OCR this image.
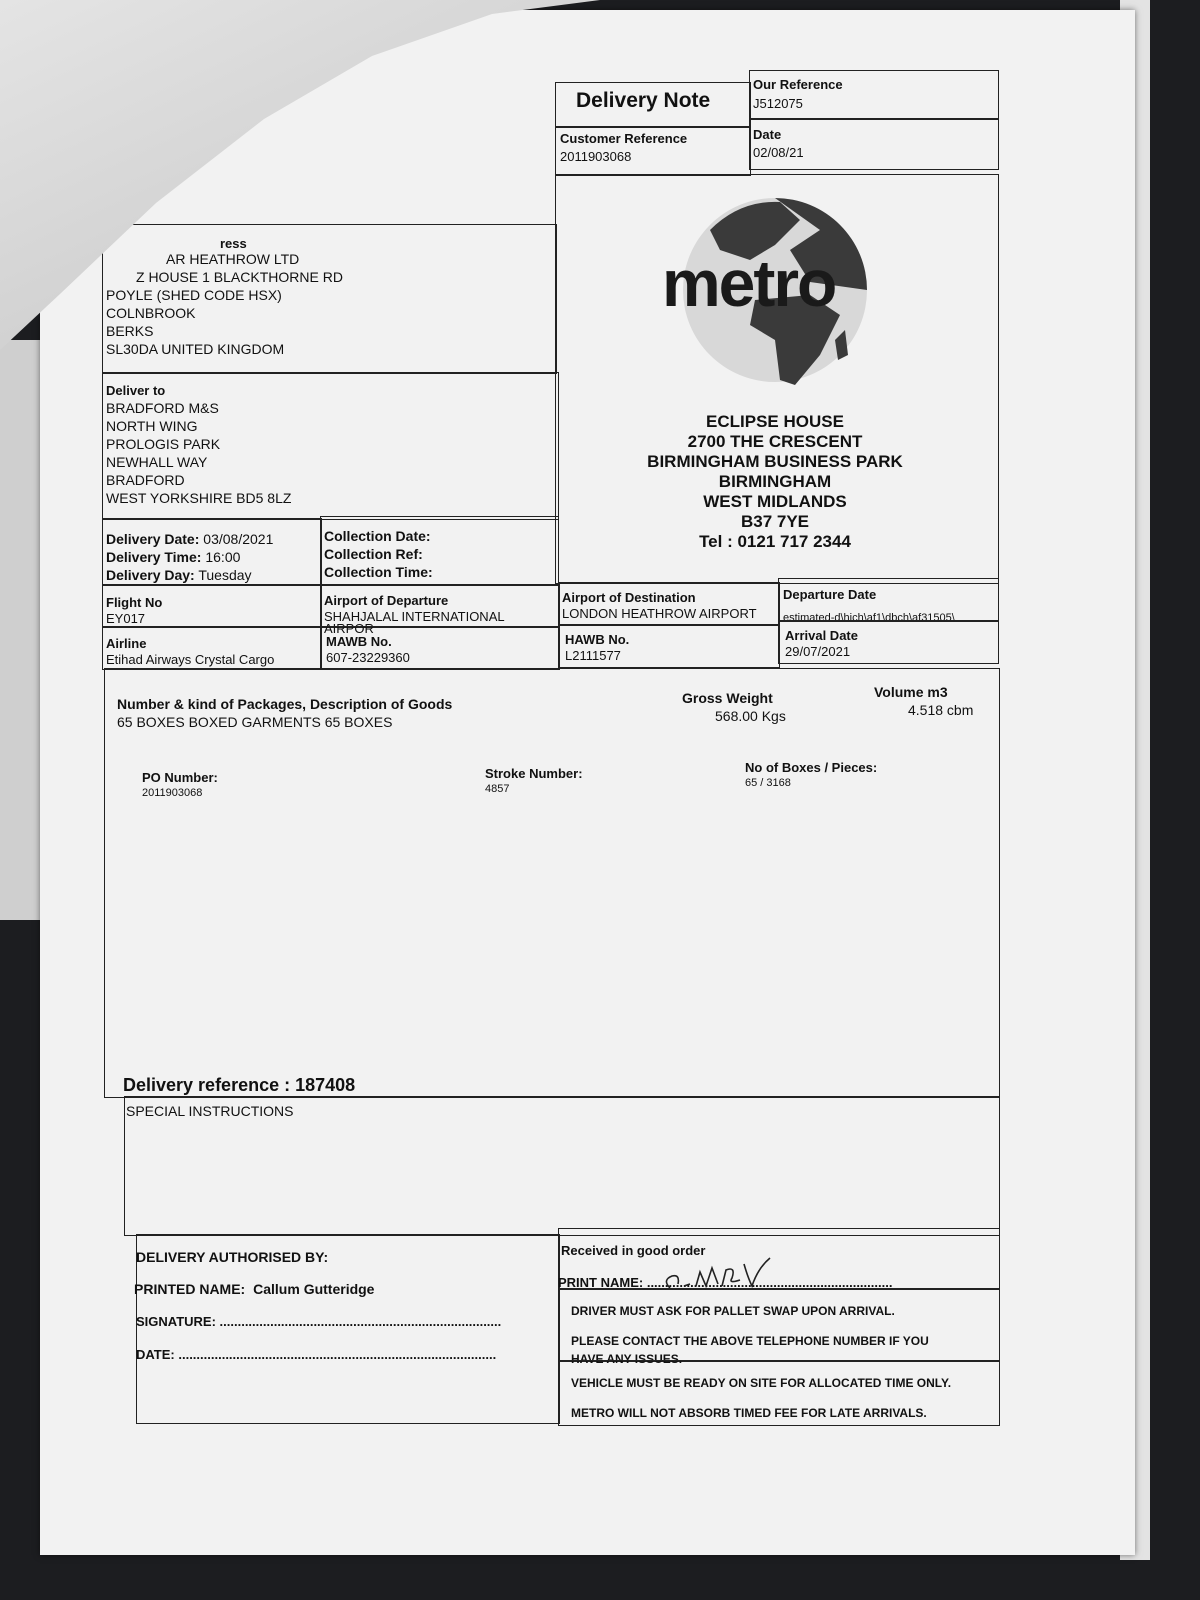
Delivery Note
Our Reference
J512075
Customer Reference
2011903068
Date
02/08/21
ress
AR HEATHROW LTD
Z HOUSE 1 BLACKTHORNE RD
POYLE (SHED CODE HSX)
COLNBROOK
BERKS
SL30DA UNITED KINGDOM
Deliver to
BRADFORD M&S
NORTH WING
PROLOGIS PARK
NEWHALL WAY
BRADFORD
WEST YORKSHIRE BD5 8LZ
metro
ECLIPSE HOUSE
2700 THE CRESCENT
BIRMINGHAM BUSINESS PARK
BIRMINGHAM
WEST MIDLANDS
B37 7YE
Tel : 0121 717 2344
Delivery Date: 03/08/2021
Delivery Time: 16:00
Delivery Day: Tuesday
Collection Date:
Collection Ref:
Collection Time:
Flight No
EY017
Airport of Departure
SHAHJALAL INTERNATIONAL
AIRPOR
Airport of Destination
LONDON HEATHROW AIRPORT
Departure Date
estimated-d\hich\af1\dbch\af31505\
Airline
Etihad Airways Crystal Cargo
MAWB No.
607-23229360
HAWB No.
L2111577
Arrival Date
29/07/2021
Number & kind of Packages, Description of Goods
65 BOXES BOXED GARMENTS 65 BOXES
Gross Weight
568.00 Kgs
Volume m3
4.518 cbm
PO Number:
2011903068
Stroke Number:
4857
No of Boxes / Pieces:
65 / 3168
Delivery reference : 187408
SPECIAL INSTRUCTIONS
DELIVERY AUTHORISED BY:
PRINTED NAME: Callum Gutteridge
SIGNATURE: ..............................................................................
DATE: ........................................................................................
Received in good order
PRINT NAME: ....................................................................
DRIVER MUST ASK FOR PALLET SWAP UPON ARRIVAL.
PLEASE CONTACT THE ABOVE TELEPHONE NUMBER IF YOU
HAVE ANY ISSUES.
VEHICLE MUST BE READY ON SITE FOR ALLOCATED TIME ONLY.
METRO WILL NOT ABSORB TIMED FEE FOR LATE ARRIVALS.
